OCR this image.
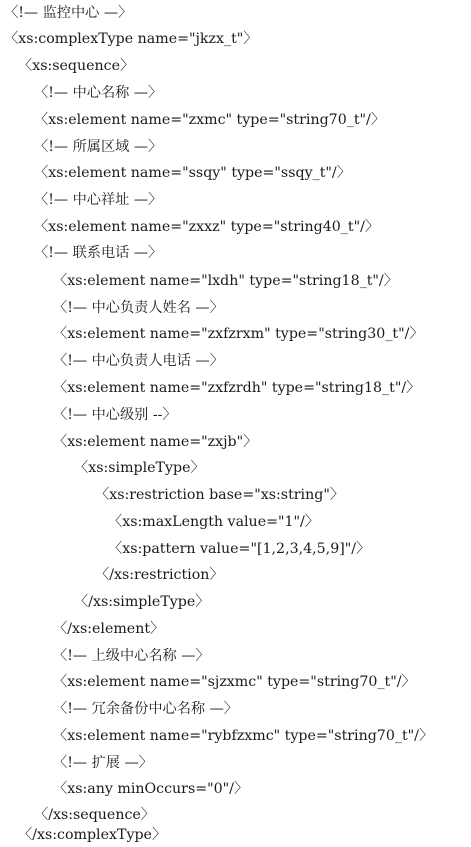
〈!— 监控中心 —〉
〈xs:complexType name="jkzx_t"〉
〈xs:sequence〉
〈!— 中心名称 —〉
〈xs:element name="zxmc" type="string70_t"/〉
〈!— 所属区域 —〉
〈xs:element name="ssqy" type="ssqy_t"/〉
〈!— 中心祥址 —〉
〈xs:element name="zxxz" type="string40_t"/〉
〈!— 联系电话 —〉
〈xs:element name="lxdh" type="string18_t"/〉
〈!— 中心负责人姓名 —〉
〈xs:element name="zxfzrxm" type="string30_t"/〉
〈!— 中心负责人电话 —〉
〈xs:element name="zxfzrdh" type="string18_t"/〉
〈!— 中心级别 --〉
〈xs:element name="zxjb"〉
〈xs:simpleType〉
〈xs:restriction base="xs:string"〉
〈xs:maxLength value="1"/〉
〈xs:pattern value="[1,2,3,4,5,9]"/〉
〈/xs:restriction〉
〈/xs:simpleType〉
〈/xs:element〉
〈!— 上级中心名称 —〉
〈xs:element name="sjzxmc" type="string70_t"/〉
〈!— 冗余备份中心名称 —〉
〈xs:element name="rybfzxmc" type="string70_t"/〉
〈!— 扩展 —〉
〈xs:any minOccurs="0"/〉
〈/xs:sequence〉
〈/xs:complexType〉
